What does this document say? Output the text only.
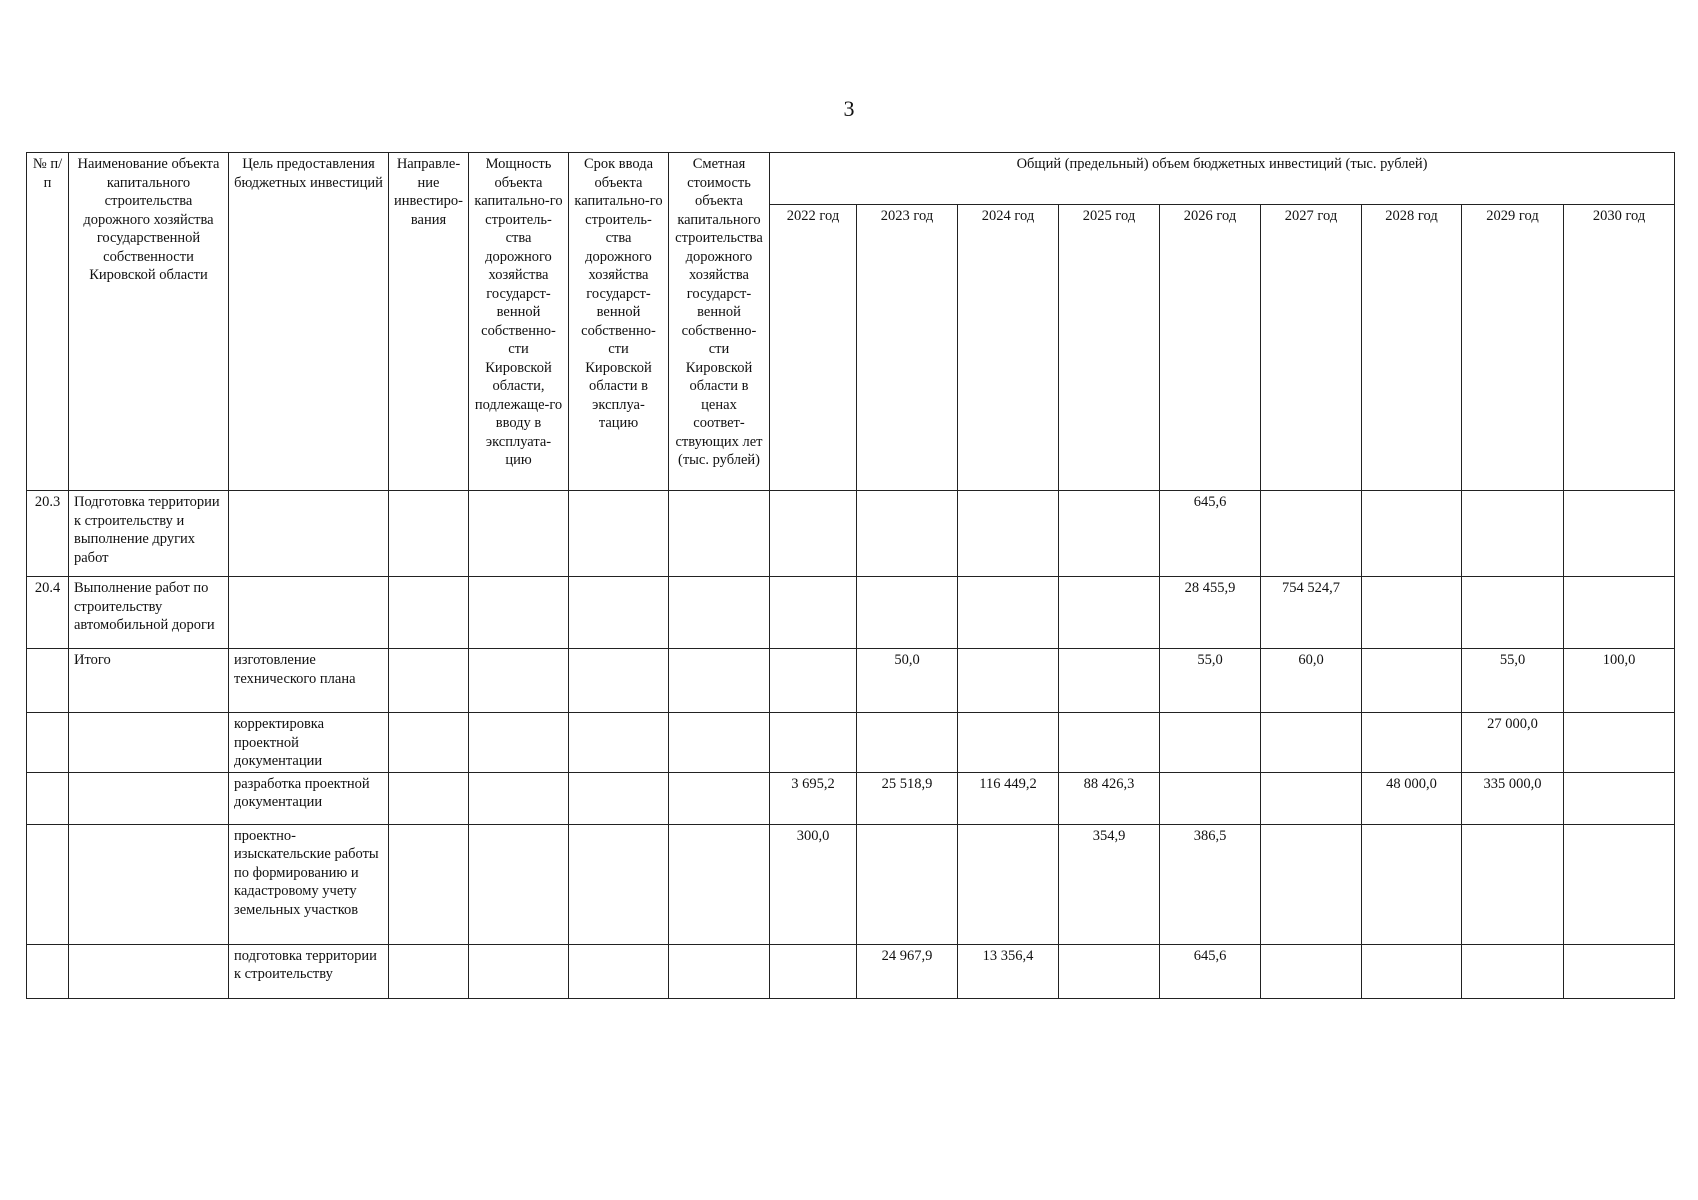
3
№ п/п	Наименование объекта капитального строительства дорожного хозяйства государственной собственности Кировской области	Цель предоставления бюджетных инвестиций	Направле-ние инвестиро-вания	Мощность объекта капитально-го строитель-ства дорожного хозяйства государст-венной собственно-сти Кировской области, подлежаще-го вводу в эксплуата-цию	Срок ввода объекта капитально-го строитель-ства дорожного хозяйства государст-венной собственно-сти Кировской области в эксплуа-тацию	Сметная стоимость объекта капитального строительства дорожного хозяйства государст-венной собственно-сти Кировской области в ценах соответ-ствующих лет (тыс. рублей)	Общий (предельный) объем бюджетных инвестиций (тыс. рублей)								
							2022 год	2023 год	2024 год	2025 год	2026 год	2027 год	2028 год	2029 год	2030 год
20.3	Подготовка территории к строительству и выполнение других работ										645,6				
20.4	Выполнение работ по строительству автомобильной дороги										28 455,9	754 524,7			
	Итого	изготовление технического плана						50,0			55,0	60,0		55,0	100,0
		корректировка проектной документации												27 000,0	
		разработка проектной документации					3 695,2	25 518,9	116 449,2	88 426,3			48 000,0	335 000,0	
		проектно-изыскательские работы по формированию и кадастровому учету земельных участков					300,0			354,9	386,5				
		подготовка территории к строительству						24 967,9	13 356,4		645,6				
